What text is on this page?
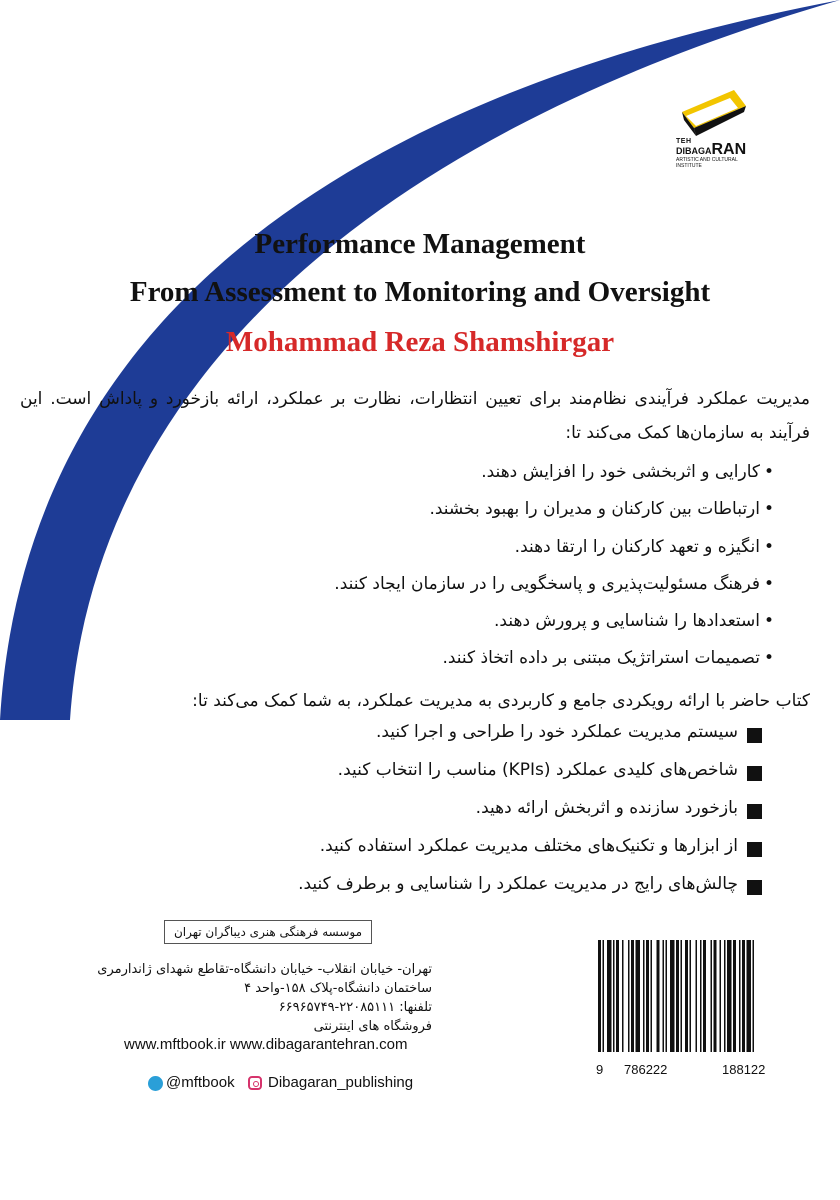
TEH
DIBAGARAN
ARTISTIC AND CULTURAL INSTITUTE
Performance Management
From Assessment to Monitoring and Oversight
Mohammad Reza Shamshirgar
مدیریت عملکرد فرآیندی نظام‌مند برای تعیین انتظارات، نظارت بر عملکرد، ارائه بازخورد و پاداش است. این فرآیند به سازمان‌ها کمک می‌کند تا:
• کارایی و اثربخشی خود را افزایش دهند.
• ارتباطات بین کارکنان و مدیران را بهبود بخشند.
• انگیزه و تعهد کارکنان را ارتقا دهند.
• فرهنگ مسئولیت‌پذیری و پاسخگویی را در سازمان ایجاد کنند.
• استعدادها را شناسایی و پرورش دهند.
• تصمیمات استراتژیک مبتنی بر داده اتخاذ کنند.
کتاب حاضر با ارائه رویکردی جامع و کاربردی به مدیریت عملکرد، به شما کمک می‌کند تا:
سیستم مدیریت عملکرد خود را طراحی و اجرا کنید.
شاخص‌های کلیدی عملکرد (KPIs) مناسب را انتخاب کنید.
بازخورد سازنده و اثربخش ارائه دهید.
از ابزارها و تکنیک‌های مختلف مدیریت عملکرد استفاده کنید.
چالش‌های رایج در مدیریت عملکرد را شناسایی و برطرف کنید.
موسسه فرهنگی هنری دیباگران تهران
تهران- خیابان انقلاب- خیابان دانشگاه-تقاطع شهدای ژاندارمری
ساختمان دانشگاه-پلاک ۱۵۸-واحد ۴
تلفنها: ۲۲۰۸۵۱۱۱-۶۶۹۶۵۷۴۹
فروشگاه های اینترنتی
www.mftbook.ir www.dibagarantehran.com
@mftbook Dibagaran_publishing
9 786222	188122
